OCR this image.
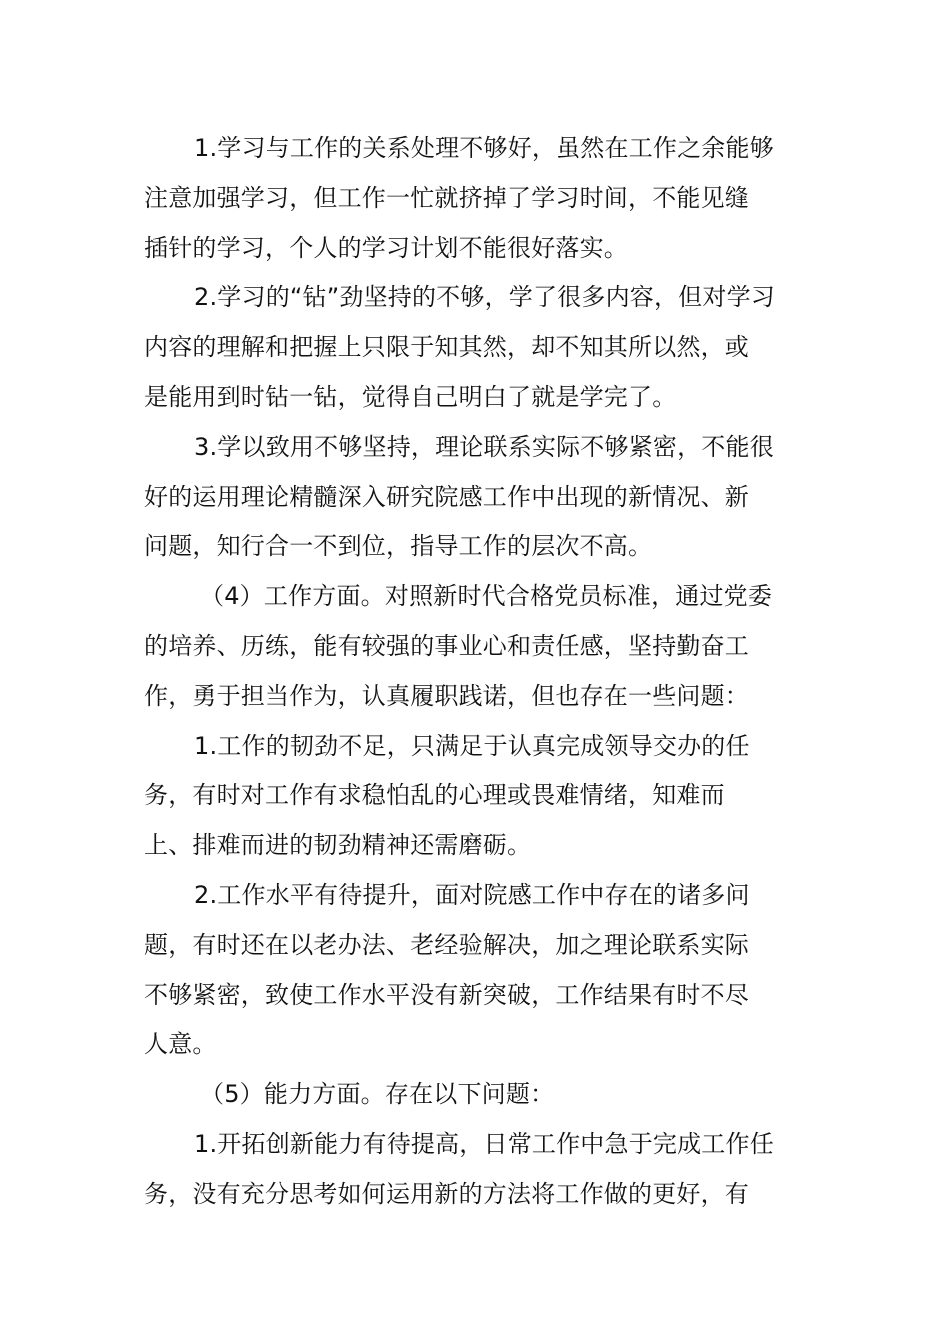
1.学习与工作的关系处理不够好，虽然在工作之余能够
注意加强学习，但工作一忙就挤掉了学习时间，不能见缝
插针的学习，个人的学习计划不能很好落实。
2.学习的“钻”劲坚持的不够，学了很多内容，但对学习
内容的理解和把握上只限于知其然，却不知其所以然，或
是能用到时钻一钻，觉得自己明白了就是学完了。
3.学以致用不够坚持，理论联系实际不够紧密，不能很
好的运用理论精髓深入研究院感工作中出现的新情况、新
问题，知行合一不到位，指导工作的层次不高。
（4）工作方面。对照新时代合格党员标准，通过党委
的培养、历练，能有较强的事业心和责任感，坚持勤奋工
作，勇于担当作为，认真履职践诺，但也存在一些问题：
1.工作的韧劲不足，只满足于认真完成领导交办的任
务，有时对工作有求稳怕乱的心理或畏难情绪，知难而
上、排难而进的韧劲精神还需磨砺。
2.工作水平有待提升，面对院感工作中存在的诸多问
题，有时还在以老办法、老经验解决，加之理论联系实际
不够紧密，致使工作水平没有新突破，工作结果有时不尽
人意。
（5）能力方面。存在以下问题：
1.开拓创新能力有待提高，日常工作中急于完成工作任
务，没有充分思考如何运用新的方法将工作做的更好，有
